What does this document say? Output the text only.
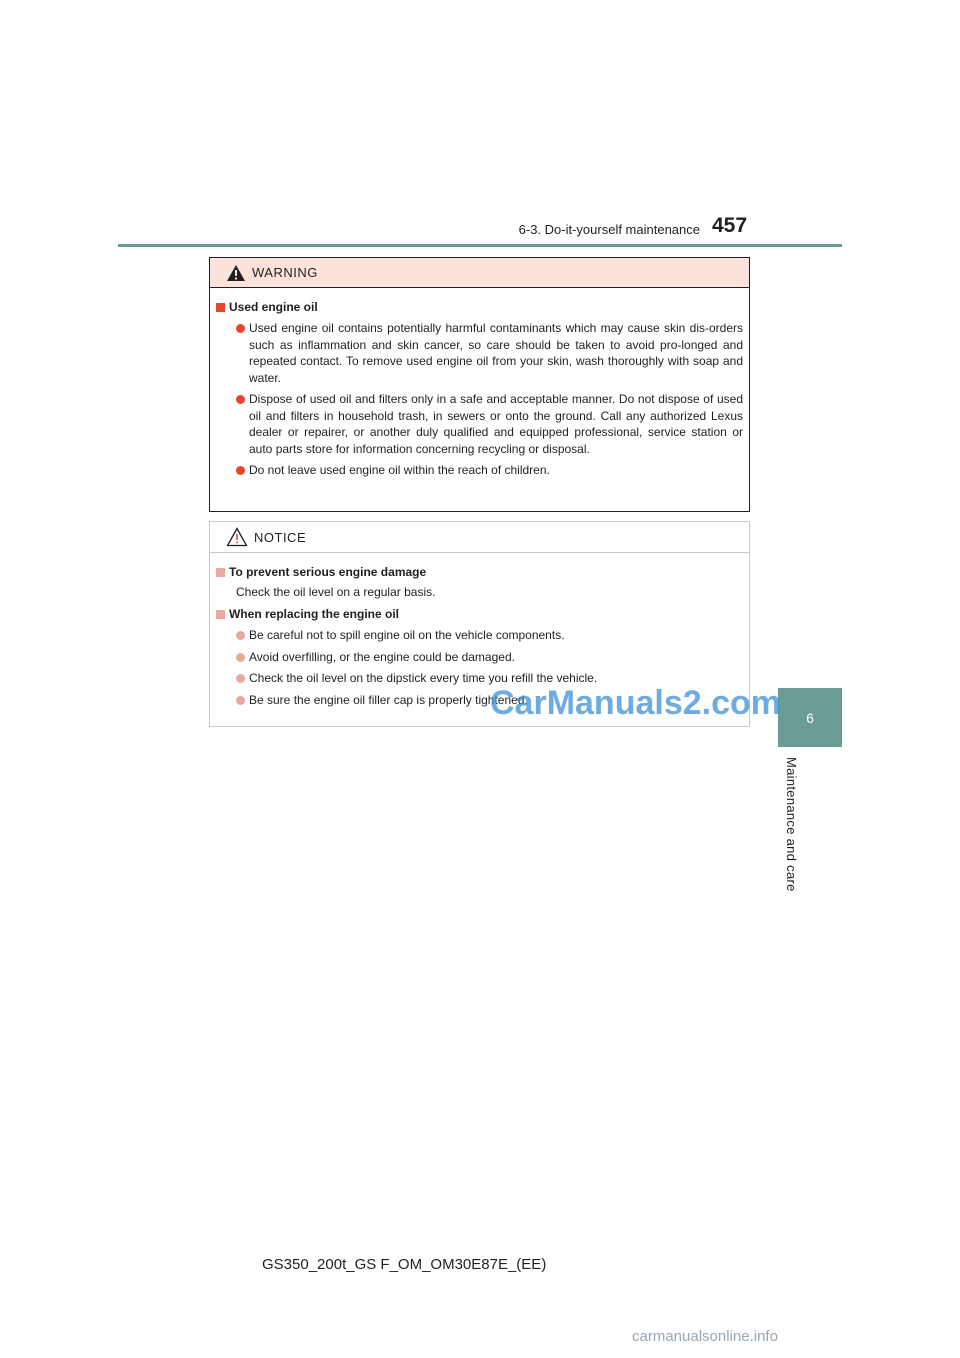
6-3. Do-it-yourself maintenance 457
6
Maintenance and care
WARNING
Used engine oil
Used engine oil contains potentially harmful contaminants which may cause skin dis-orders such as inflammation and skin cancer, so care should be taken to avoid pro-longed and repeated contact. To remove used engine oil from your skin, wash thoroughly with soap and water.
Dispose of used oil and filters only in a safe and acceptable manner. Do not dispose of used oil and filters in household trash, in sewers or onto the ground. Call any authorized Lexus dealer or repairer, or another duly qualified and equipped professional, service station or auto parts store for information concerning recycling or disposal.
Do not leave used engine oil within the reach of children.
NOTICE
To prevent serious engine damage
Check the oil level on a regular basis.
When replacing the engine oil
Be careful not to spill engine oil on the vehicle components.
Avoid overfilling, or the engine could be damaged.
Check the oil level on the dipstick every time you refill the vehicle.
Be sure the engine oil filler cap is properly tightened.
CarManuals2.com
GS350_200t_GS F_OM_OM30E87E_(EE)
carmanualsonline.info
